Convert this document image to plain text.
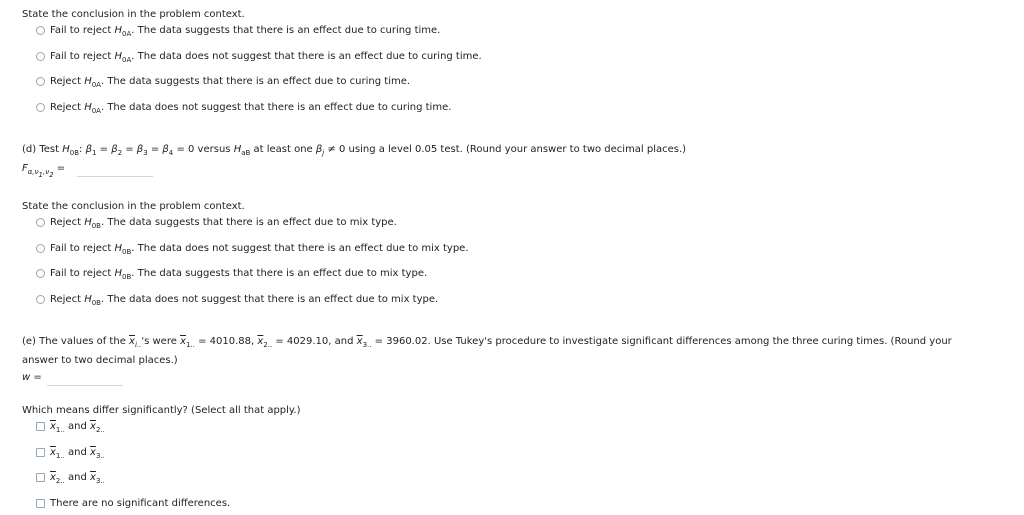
State the conclusion in the problem context.
Fail to reject $H_{0A}$. The data suggests that there is an effect due to curing time.
Fail to reject $H_{0A}$. The data does not suggest that there is an effect due to curing time.
Reject $H_{0A}$. The data suggests that there is an effect due to curing time.
Reject $H_{0A}$. The data does not suggest that there is an effect due to curing time.
(d) Test $H_{0B}$: $\beta_1 = \beta_2 = \beta_3 = \beta_4 = 0$ versus $H_{aB}$ at least one $\beta_j \ne 0$ using a level 0.05 test. (Round your answer to two decimal places.)
$F_{\alpha,\nu_1,\nu_2}$ =
State the conclusion in the problem context.
Reject $H_{0B}$. The data suggests that there is an effect due to mix type.
Fail to reject $H_{0B}$. The data does not suggest that there is an effect due to mix type.
Fail to reject $H_{0B}$. The data suggests that there is an effect due to mix type.
Reject $H_{0B}$. The data does not suggest that there is an effect due to mix type.
(e) The values of the $\overline{x}_{i..}'s$ were $\overline{x}_{1..} = 4010.88$, $\overline{x}_{2..} = 4029.10$, and $\overline{x}_{3..} = 3960.02$. Use Tukey's procedure to investigate significant differences among the three curing times. (Round your
answer to two decimal places.)
w =
Which means differ significantly? (Select all that apply.)
$\overline{x}_{1..}$ and $\overline{x}_{2..}$
$\overline{x}_{1..}$ and $\overline{x}_{3..}$
$\overline{x}_{2..}$ and $\overline{x}_{3..}$
There are no significant differences.
